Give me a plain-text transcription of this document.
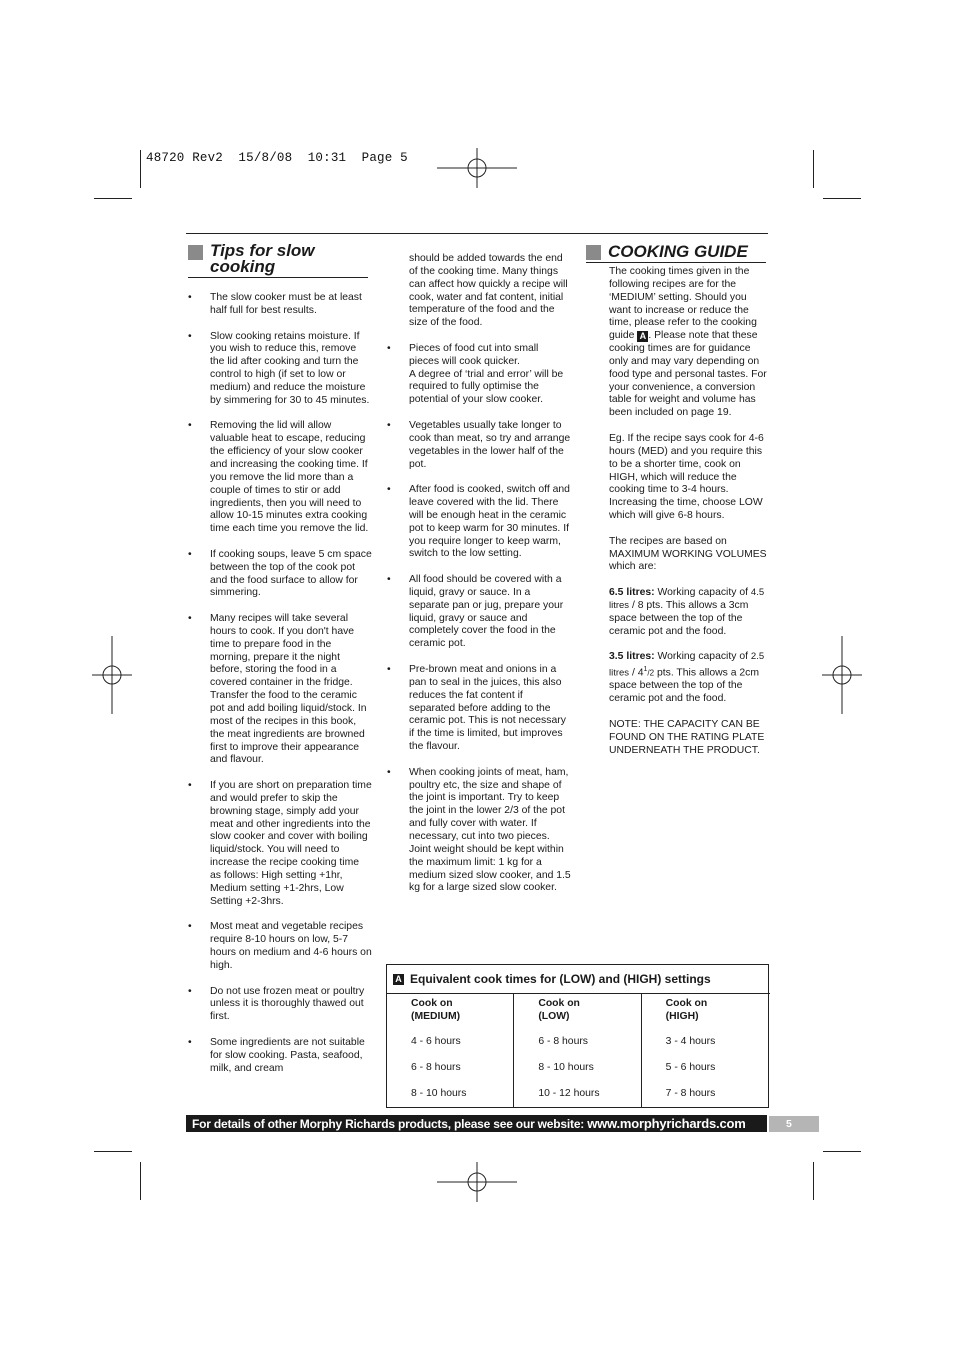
48720 Rev2  15/8/08  10:31  Page 5
Tips for slow
cooking
• The slow cooker must be at least half full for best results.
• Slow cooking retains moisture. If you wish to reduce this, remove the lid after cooking and turn the control to high (if set to low or medium) and reduce the moisture by simmering for 30 to 45 minutes.
• Removing the lid will allow valuable heat to escape, reducing the efficiency of your slow cooker and increasing the cooking time. If you remove the lid more than a couple of times to stir or add ingredients, then you will need to allow 10-15 minutes extra cooking time each time you remove the lid.
• If cooking soups, leave 5 cm space between the top of the cook pot and the food surface to allow for simmering.
• Many recipes will take several hours to cook. If you don't have time to prepare food in the morning, prepare it the night before, storing the food in a covered container in the fridge. Transfer the food to the ceramic pot and add boiling liquid/stock. In most of the recipes in this book, the meat ingredients are browned first to improve their appearance and flavour.
• If you are short on preparation time and would prefer to skip the browning stage, simply add your meat and other ingredients into the slow cooker and cover with boiling liquid/stock. You will need to increase the recipe cooking time as follows: High setting +1hr, Medium setting +1-2hrs, Low Setting +2-3hrs.
• Most meat and vegetable recipes require 8-10 hours on low, 5-7 hours on medium and 4-6 hours on high.
• Do not use frozen meat or poultry unless it is thoroughly thawed out first.
• Some ingredients are not suitable for slow cooking. Pasta, seafood, milk, and cream
should be added towards the end of the cooking time. Many things can affect how quickly a recipe will cook, water and fat content, initial temperature of the food and the size of the food.
• Pieces of food cut into small pieces will cook quicker.
A degree of ‘trial and error’ will be required to fully optimise the potential of your slow cooker.
• Vegetables usually take longer to cook than meat, so try and arrange vegetables in the lower half of the pot.
• After food is cooked, switch off and leave covered with the lid. There will be enough heat in the ceramic pot to keep warm for 30 minutes. If you require longer to keep warm, switch to the low setting.
• All food should be covered with a liquid, gravy or sauce. In a separate pan or jug, prepare your liquid, gravy or sauce and completely cover the food in the ceramic pot.
• Pre-brown meat and onions in a pan to seal in the juices, this also reduces the fat content if separated before adding to the ceramic pot. This is not necessary if the time is limited, but improves the flavour.
• When cooking joints of meat, ham, poultry etc, the size and shape of the joint is important. Try to keep the joint in the lower 2/3 of the pot and fully cover with water. If necessary, cut into two pieces. Joint weight should be kept within the maximum limit: 1 kg for a medium sized slow cooker, and 1.5 kg for a large sized slow cooker.
COOKING GUIDE

The cooking times given in the following recipes are for the ‘MEDIUM’ setting. Should you want to increase or reduce the time, please refer to the cooking guide A . Please note that these cooking times are for guidance only and may vary depending on food type and personal tastes. For your convenience, a conversion table for weight and volume has been included on page 19.

Eg. If the recipe says cook for 4-6 hours (MED) and you require this to be a shorter time, cook on HIGH, which will reduce the cooking time to 3-4 hours. Increasing the time, choose LOW which will give 6-8 hours.

The recipes are based on MAXIMUM WORKING VOLUMES which are:

6.5 litres: Working capacity of 4.5 litres / 8 pts. This allows a 3cm space between the top of the ceramic pot and the food.

3.5 litres: Working capacity of 2.5 litres / $4^1/2$ pts. This allows a 2cm space between the top of the ceramic pot and the food.

NOTE: THE CAPACITY CAN BE FOUND ON THE RATING PLATE UNDERNEATH THE PRODUCT.

A Equivalent cook times for (LOW) and (HIGH) settings
Cook on
(MEDIUM)
4 - 6 hours
6 - 8 hours
8 - 10 hours
Cook on
(LOW)
6 - 8 hours
8 - 10 hours
10 - 12 hours
Cook on
(HIGH)
3 - 4 hours
5 - 6 hours
7 - 8 hours
For details of other Morphy Richards products, please see our website: www.morphyrichards.com	5
